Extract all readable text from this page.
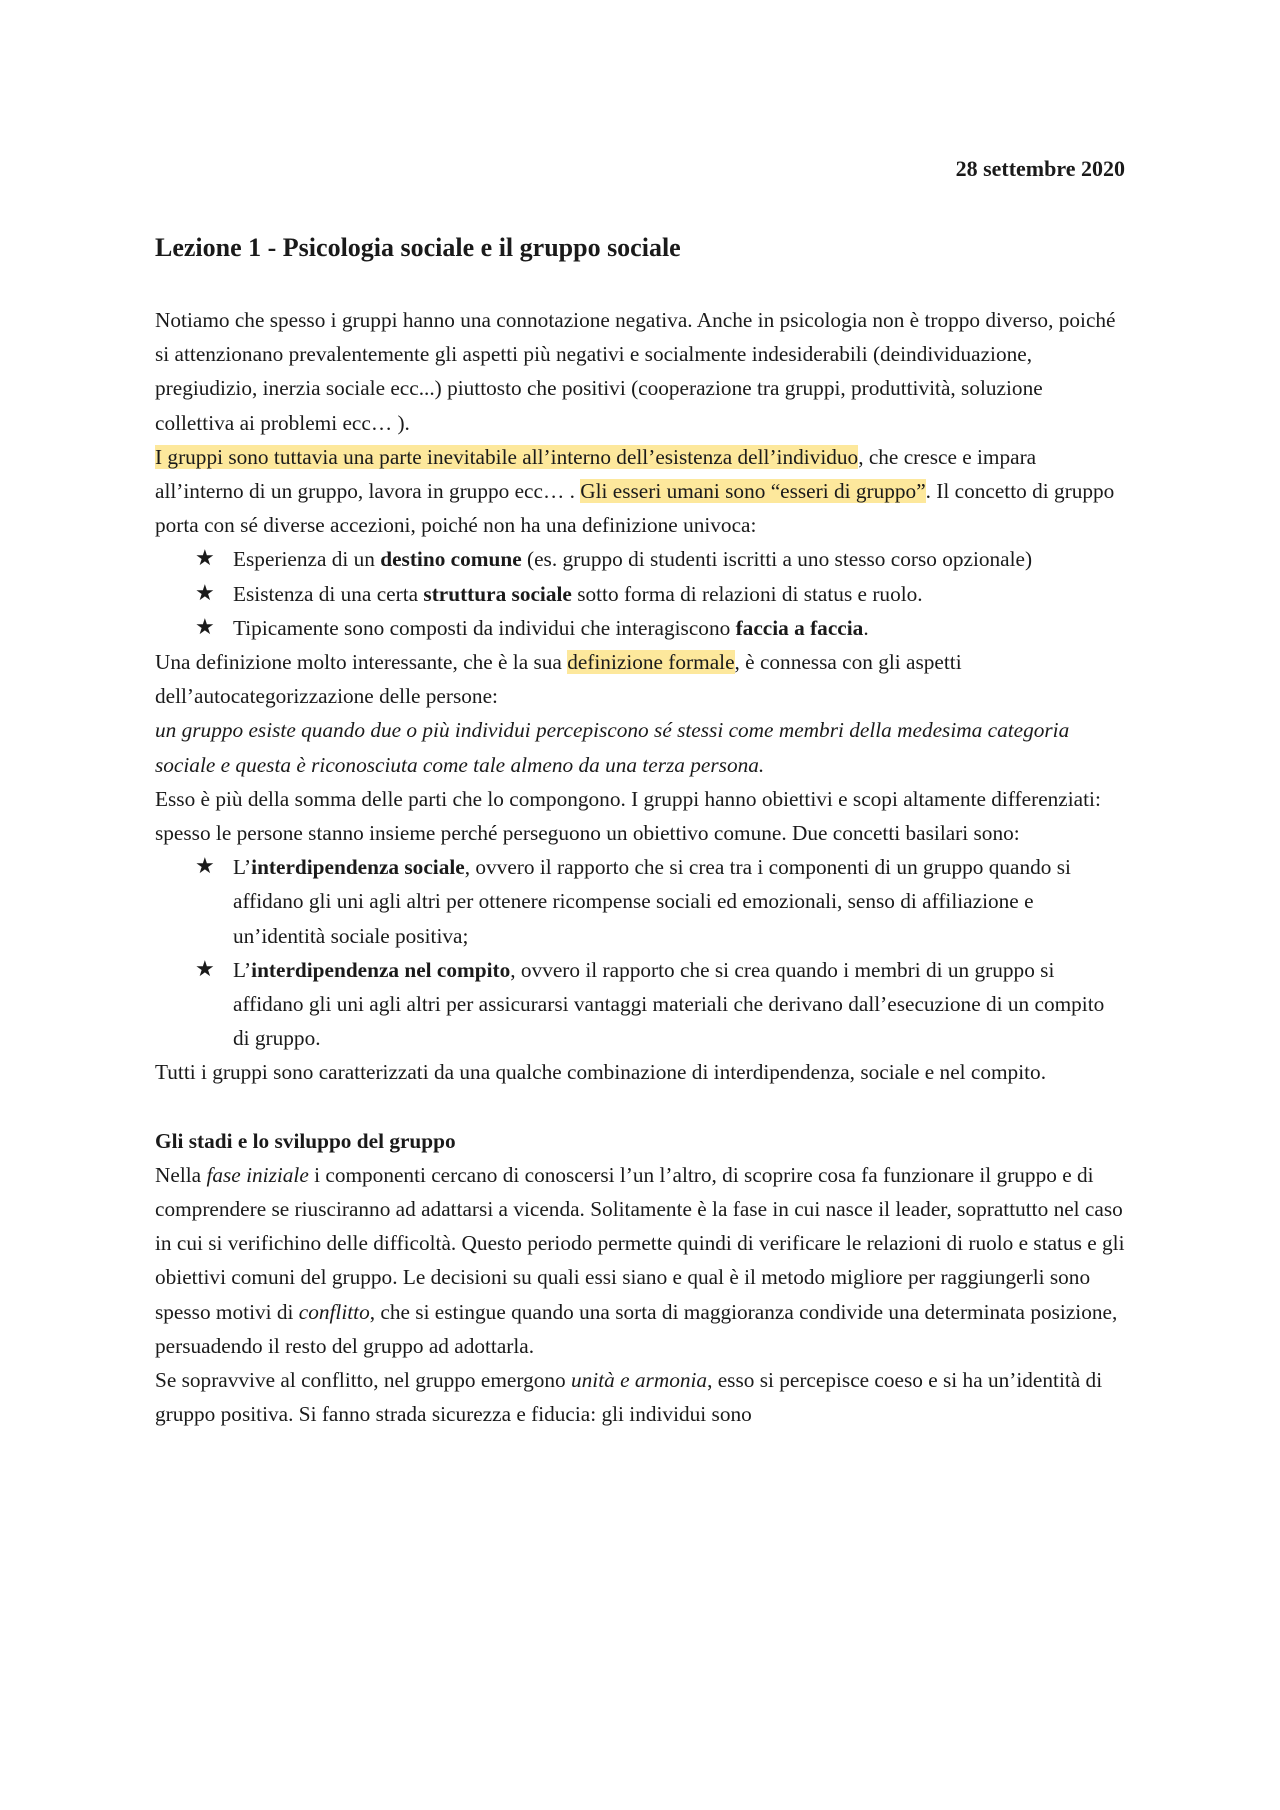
28 settembre 2020
Lezione 1 - Psicologia sociale e il gruppo sociale

Notiamo che spesso i gruppi hanno una connotazione negativa. Anche in psicologia non è troppo diverso, poiché si attenzionano prevalentemente gli aspetti più negativi e socialmente indesiderabili (deindividuazione, pregiudizio, inerzia sociale ecc...) piuttosto che positivi (cooperazione tra gruppi, produttività, soluzione collettiva ai problemi ecc… ).

I gruppi sono tuttavia una parte inevitabile all’interno dell’esistenza dell’individuo, che cresce e impara all’interno di un gruppo, lavora in gruppo ecc… . Gli esseri umani sono “esseri di gruppo”. Il concetto di gruppo porta con sé diverse accezioni, poiché non ha una definizione univoca:

★ Esperienza di un destino comune (es. gruppo di studenti iscritti a uno stesso corso opzionale)
★ Esistenza di una certa struttura sociale sotto forma di relazioni di status e ruolo.
★ Tipicamente sono composti da individui che interagiscono faccia a faccia.

Una definizione molto interessante, che è la sua definizione formale, è connessa con gli aspetti dell’autocategorizzazione delle persone:

un gruppo esiste quando due o più individui percepiscono sé stessi come membri della medesima categoria sociale e questa è riconosciuta come tale almeno da una terza persona.

Esso è più della somma delle parti che lo compongono. I gruppi hanno obiettivi e scopi altamente differenziati: spesso le persone stanno insieme perché perseguono un obiettivo comune. Due concetti basilari sono:

★ L’interdipendenza sociale, ovvero il rapporto che si crea tra i componenti di un gruppo quando si affidano gli uni agli altri per ottenere ricompense sociali ed emozionali, senso di affiliazione e un’identità sociale positiva;
★ L’interdipendenza nel compito, ovvero il rapporto che si crea quando i membri di un gruppo si affidano gli uni agli altri per assicurarsi vantaggi materiali che derivano dall’esecuzione di un compito di gruppo.

Tutti i gruppi sono caratterizzati da una qualche combinazione di interdipendenza, sociale e nel compito.

Gli stadi e lo sviluppo del gruppo

Nella fase iniziale i componenti cercano di conoscersi l’un l’altro, di scoprire cosa fa funzionare il gruppo e di comprendere se riusciranno ad adattarsi a vicenda. Solitamente è la fase in cui nasce il leader, soprattutto nel caso in cui si verifichino delle difficoltà. Questo periodo permette quindi di verificare le relazioni di ruolo e status e gli obiettivi comuni del gruppo. Le decisioni su quali essi siano e qual è il metodo migliore per raggiungerli sono spesso motivi di conflitto, che si estingue quando una sorta di maggioranza condivide una determinata posizione, persuadendo il resto del gruppo ad adottarla.

Se sopravvive al conflitto, nel gruppo emergono unità e armonia, esso si percepisce coeso e si ha un’identità di gruppo positiva. Si fanno strada sicurezza e fiducia: gli individui sono
